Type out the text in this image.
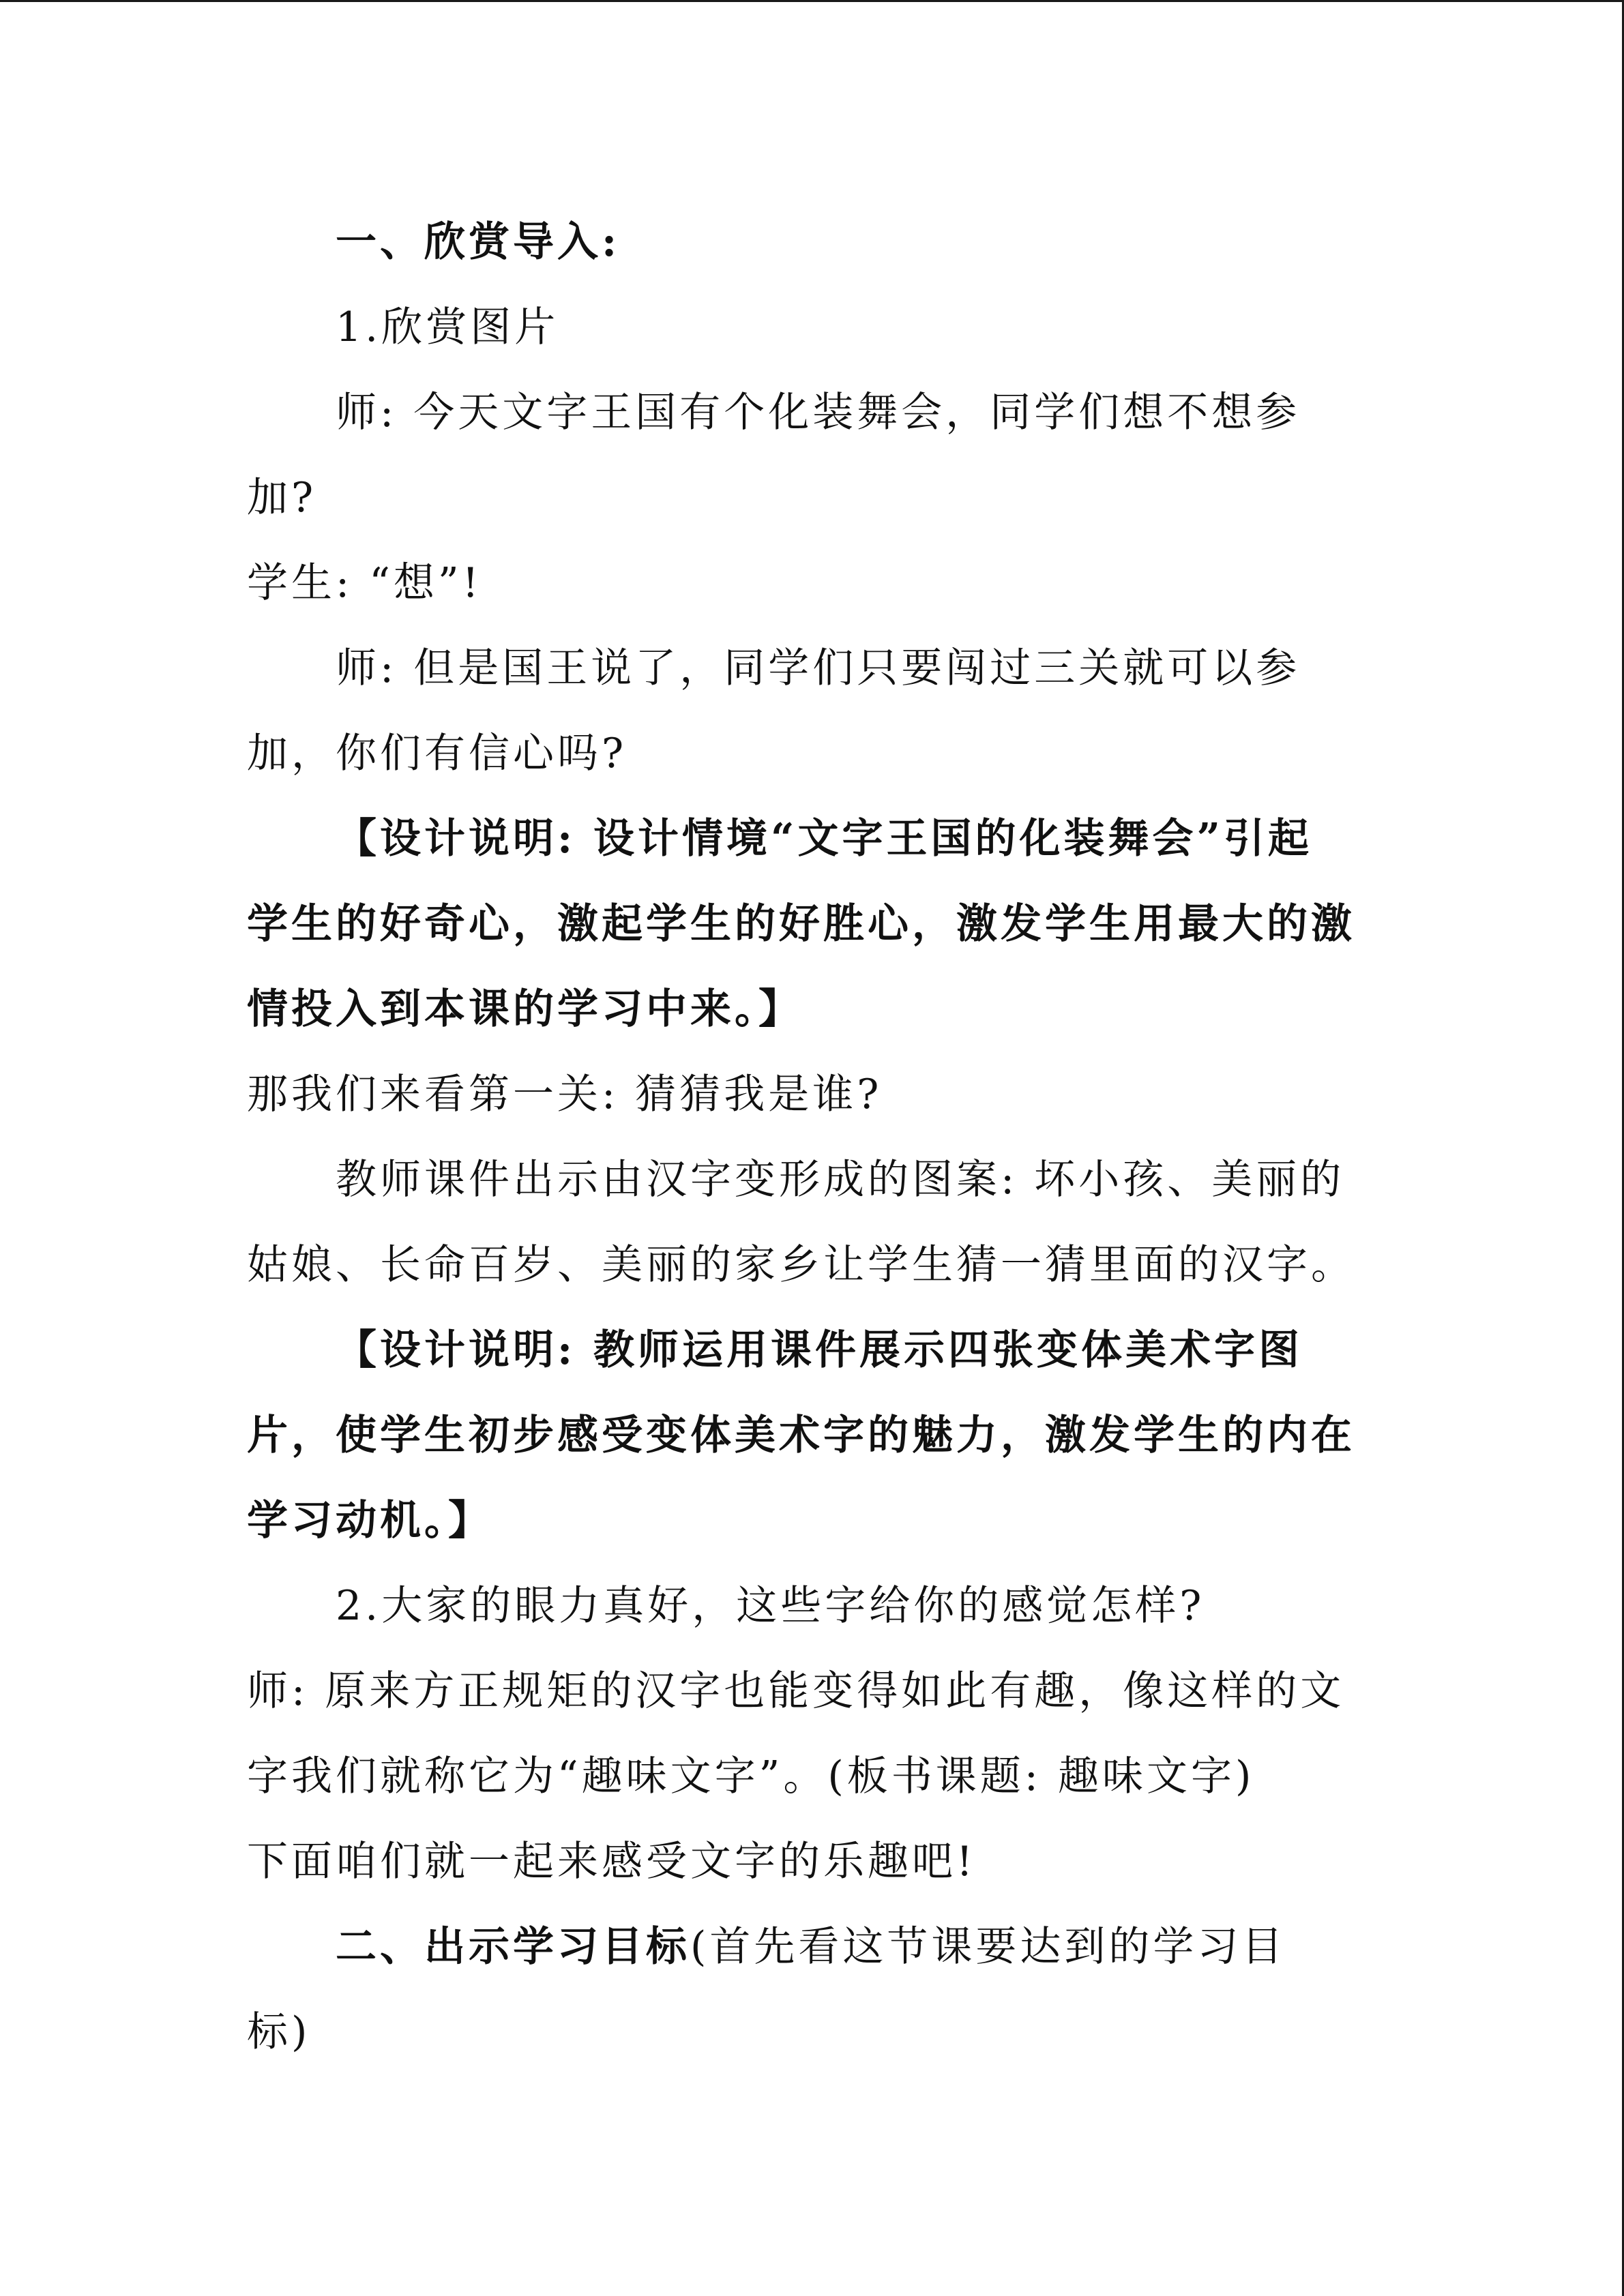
一、欣赏导入:
1.欣赏图片
师: 今天文字王国有个化装舞会，同学们想不想参
加?
学生: “想”!
师: 但是国王说了，同学们只要闯过三关就可以参
加，你们有信心吗?
【设计说明: 设计情境“文字王国的化装舞会”引起
学生的好奇心，激起学生的好胜心，激发学生用最大的激
情投入到本课的学习中来。】
那我们来看第一关: 猜猜我是谁?
教师课件出示由汉字变形成的图案: 坏小孩、美丽的
姑娘、长命百岁、美丽的家乡让学生猜一猜里面的汉字。
【设计说明: 教师运用课件展示四张变体美术字图
片，使学生初步感受变体美术字的魅力，激发学生的内在
学习动机。】
2.大家的眼力真好，这些字给你的感觉怎样?
师: 原来方正规矩的汉字也能变得如此有趣，像这样的文
字我们就称它为“趣味文字”。(板书课题: 趣味文字)
下面咱们就一起来感受文字的乐趣吧!
二、出示学习目标(首先看这节课要达到的学习目
标)
